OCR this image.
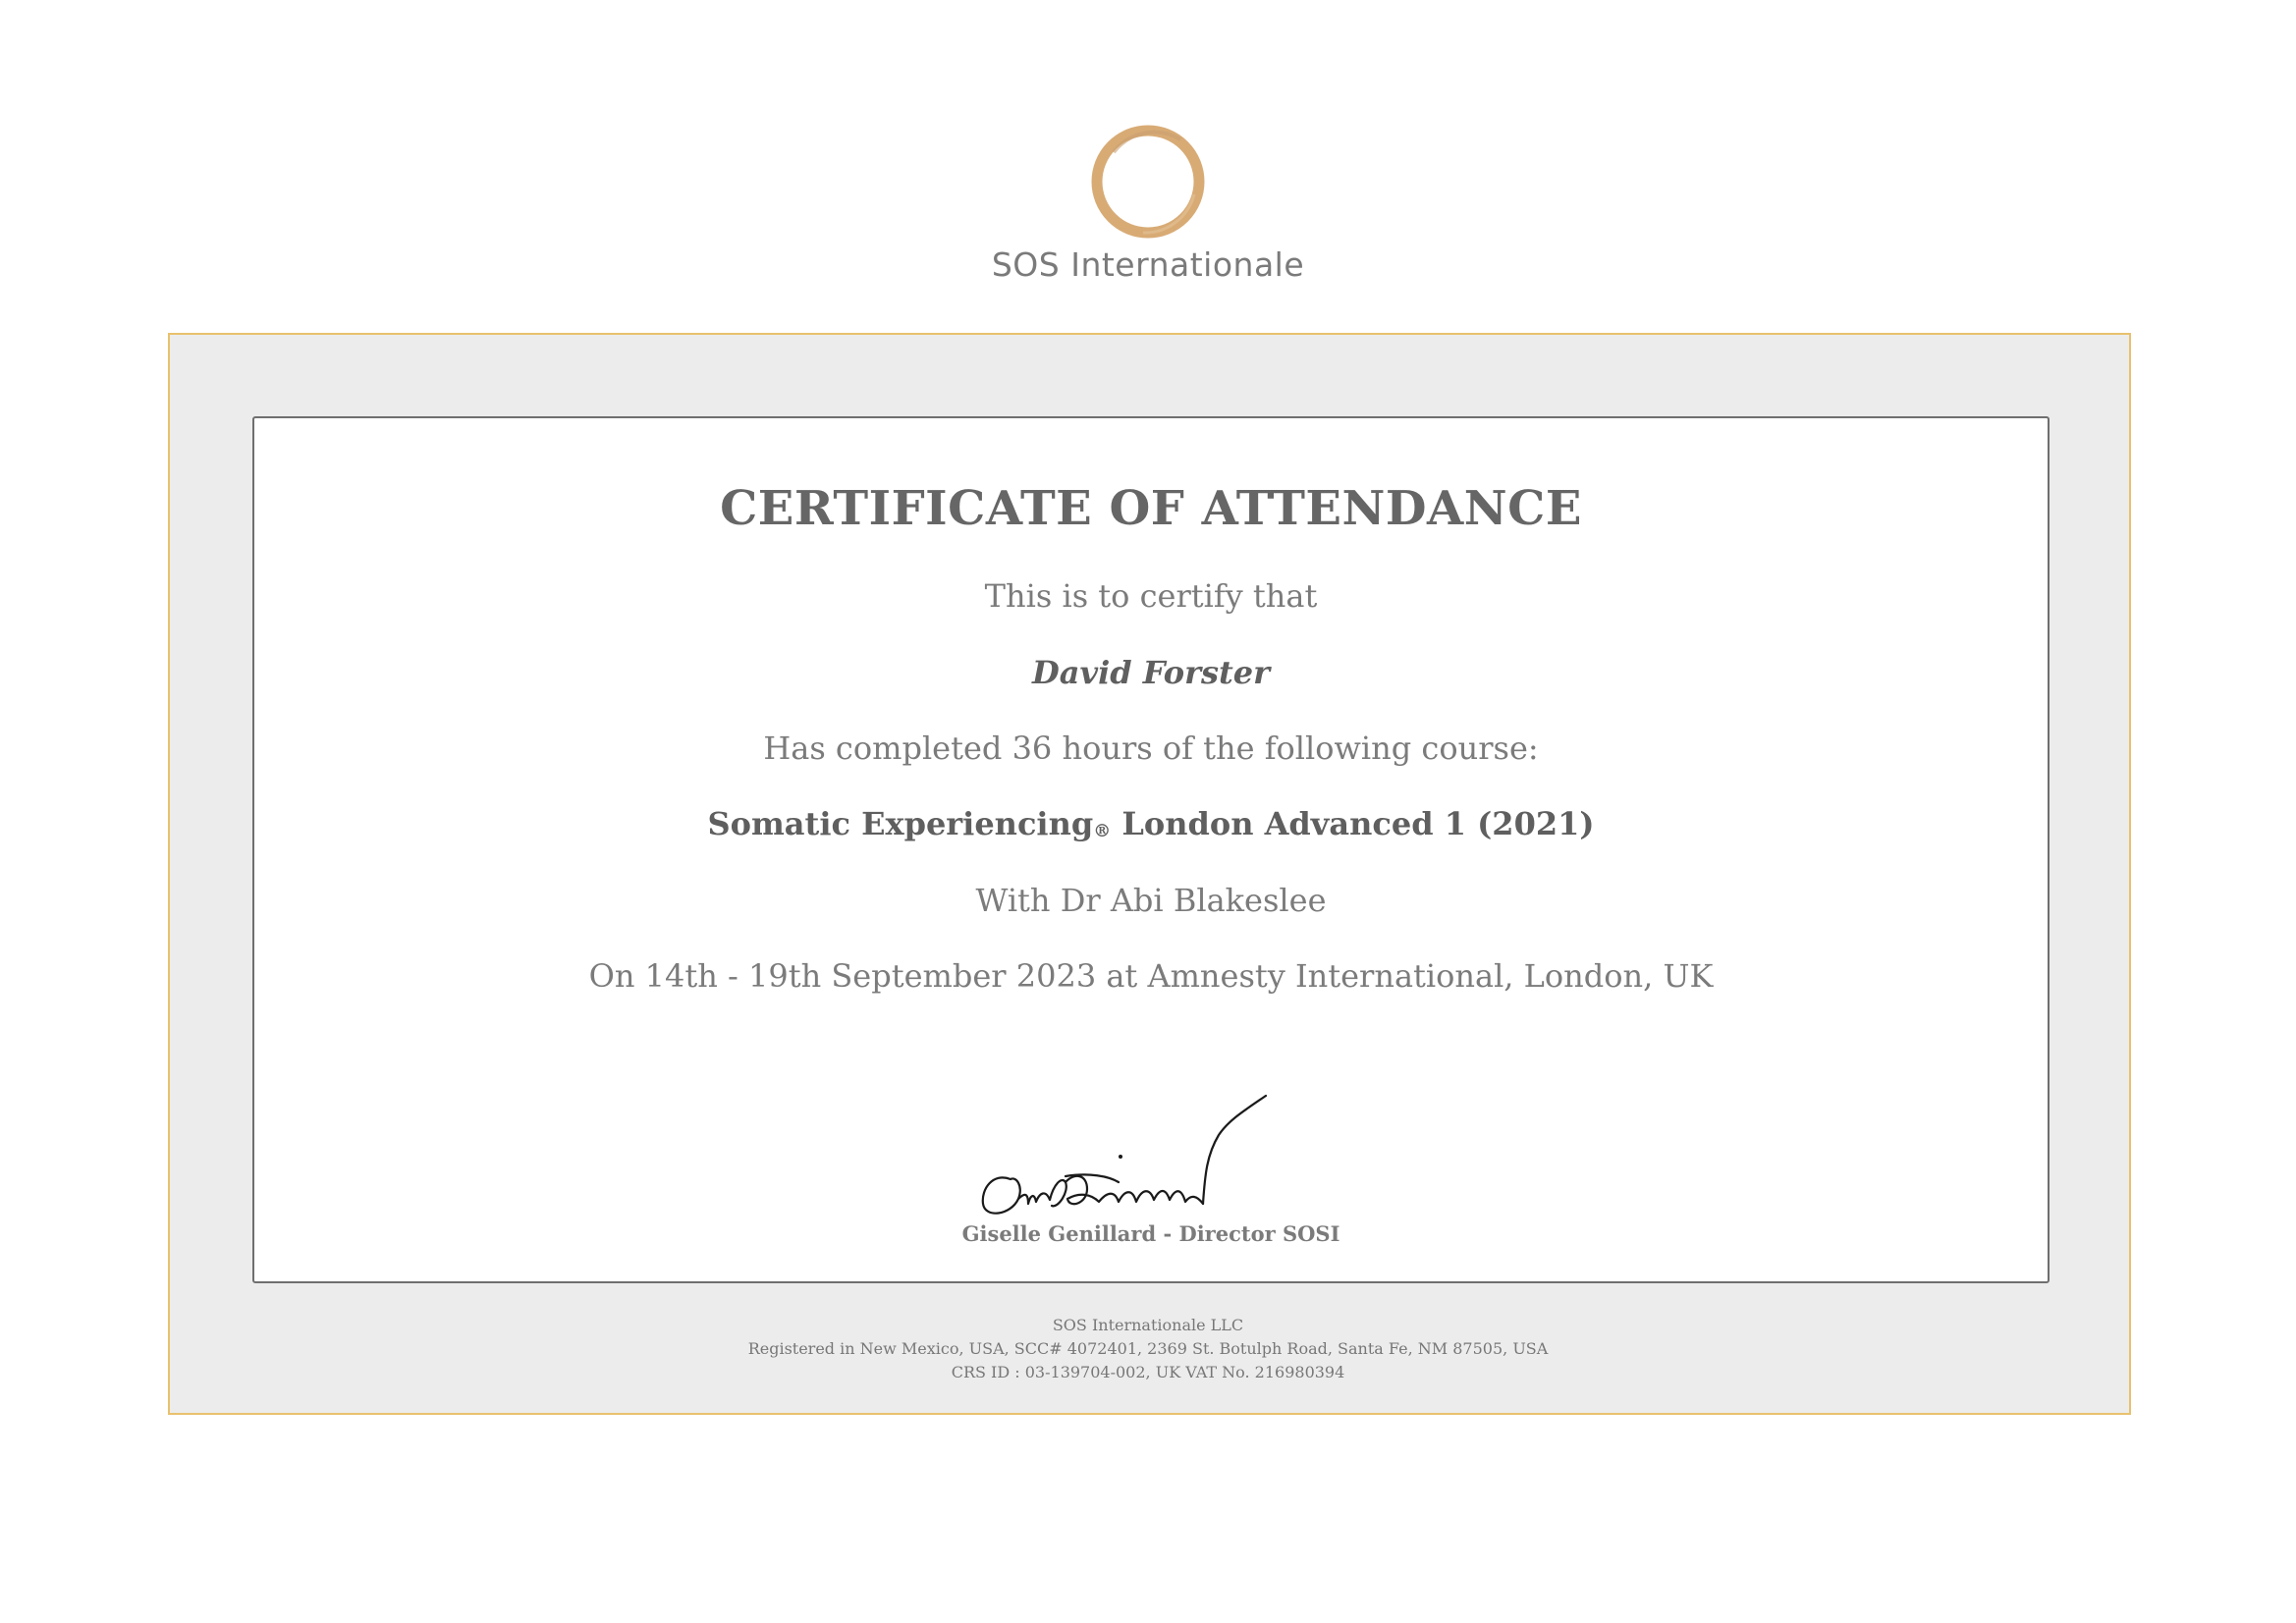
SOS Internationale

CERTIFICATE OF ATTENDANCE

This is to certify that

David Forster

Has completed 36 hours of the following course:

Somatic Experiencing® London Advanced 1 (2021)

With Dr Abi Blakeslee

On 14th - 19th September 2023 at Amnesty International, London, UK

Giselle Genillard - Director SOSI

SOS Internationale LLC
Registered in New Mexico, USA, SCC# 4072401, 2369 St. Botulph Road, Santa Fe, NM 87505, USA
CRS ID : 03-139704-002, UK VAT No. 216980394
